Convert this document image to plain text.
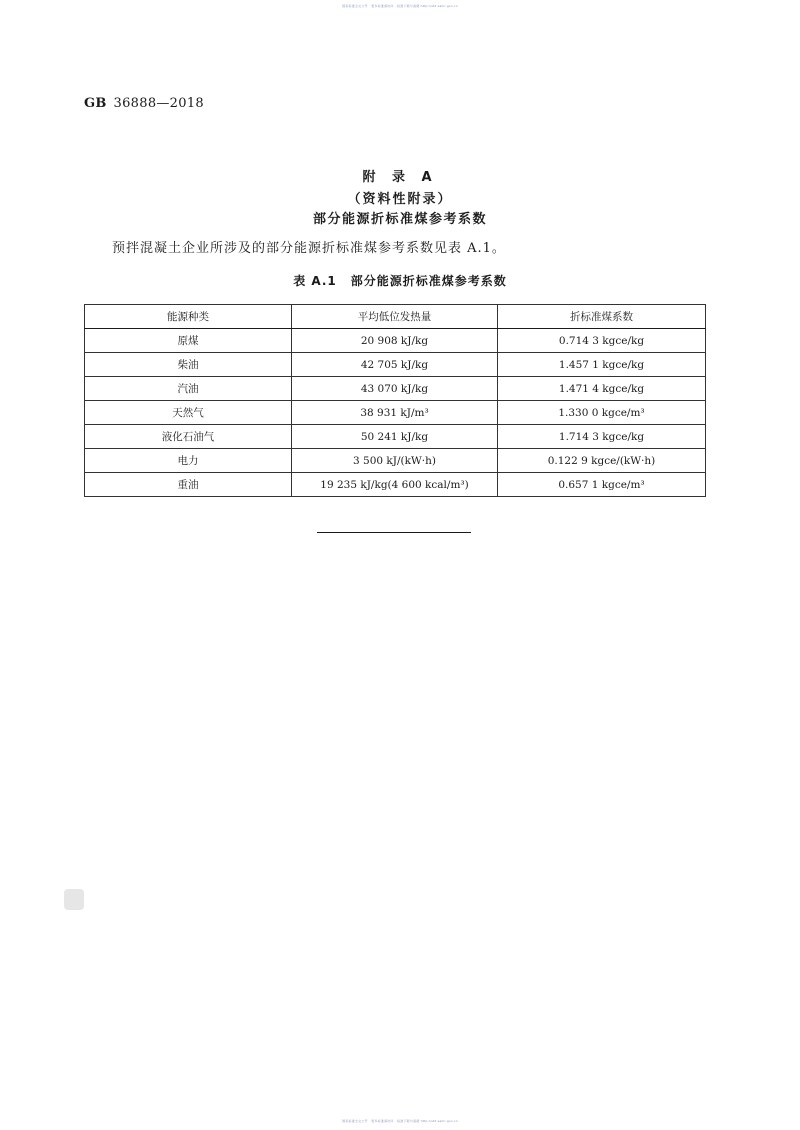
国家标准全文公开 · 更多标准请访问 · 标准下载与查阅 http://std.samr.gov.cn
GB 36888—2018
附 录 A
（资料性附录）
部分能源折标准煤参考系数
预拌混凝土企业所涉及的部分能源折标准煤参考系数见表 A.1。
表 A.1 部分能源折标准煤参考系数
能源种类	平均低位发热量	折标准煤系数
原煤	20 908 kJ/kg	0.714 3 kgce/kg
柴油	42 705 kJ/kg	1.457 1 kgce/kg
汽油	43 070 kJ/kg	1.471 4 kgce/kg
天然气	38 931 kJ/m³	1.330 0 kgce/m³
液化石油气	50 241 kJ/kg	1.714 3 kgce/kg
电力	3 500 kJ/(kW·h)	0.122 9 kgce/(kW·h)
重油	19 235 kJ/kg(4 600 kcal/m³)	0.657 1 kgce/m³
国家标准全文公开 · 更多标准请访问 · 标准下载与查阅 http://std.samr.gov.cn
